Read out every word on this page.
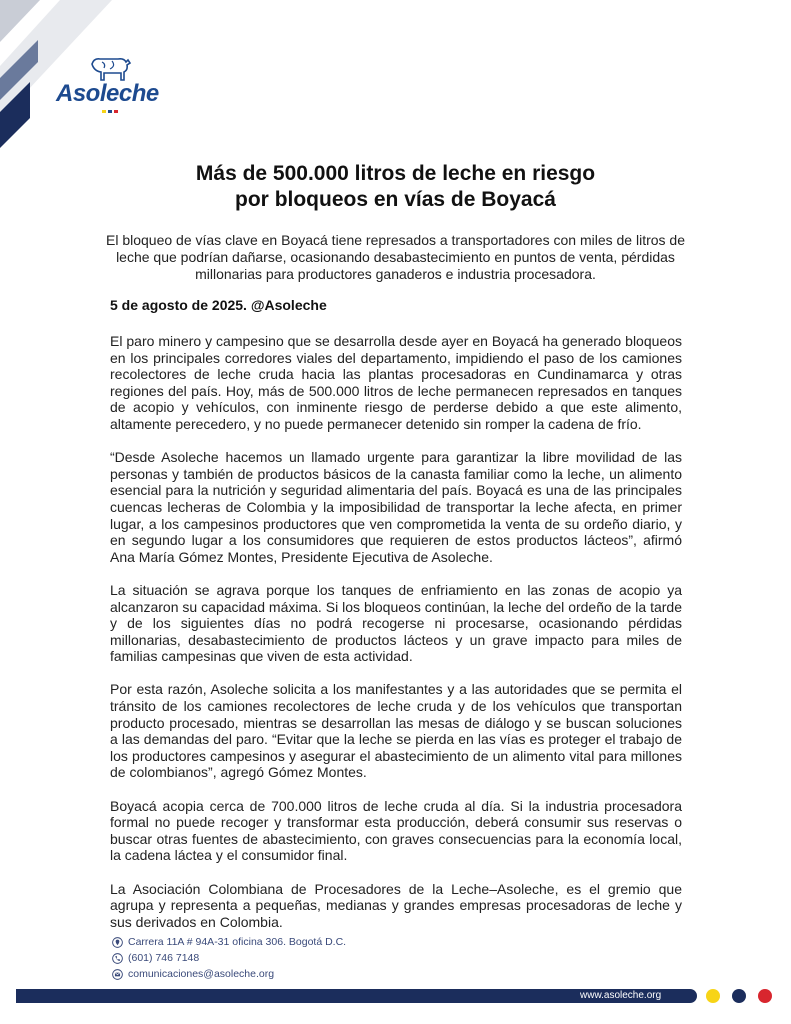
Asoleche
Más de 500.000 litros de leche en riesgo
por bloqueos en vías de Boyacá

El bloqueo de vías clave en Boyacá tiene represados a transportadores con miles de litros de leche que podrían dañarse, ocasionando desabastecimiento en puntos de venta, pérdidas millonarias para productores ganaderos e industria procesadora.

5 de agosto de 2025. @Asoleche

El paro minero y campesino que se desarrolla desde ayer en Boyacá ha generado bloqueos en los principales corredores viales del departamento, impidiendo el paso de los camiones recolectores de leche cruda hacia las plantas procesadoras en Cundinamarca y otras regiones del país. Hoy, más de 500.000 litros de leche permanecen represados en tanques de acopio y vehículos, con inminente riesgo de perderse debido a que este alimento, altamente perecedero, y no puede permanecer detenido sin romper la cadena de frío.

“Desde Asoleche hacemos un llamado urgente para garantizar la libre movilidad de las personas y también de productos básicos de la canasta familiar como la leche, un alimento esencial para la nutrición y seguridad alimentaria del país. Boyacá es una de las principales cuencas lecheras de Colombia y la imposibilidad de transportar la leche afecta, en primer lugar, a los campesinos productores que ven comprometida la venta de su ordeño diario, y en segundo lugar a los consumidores que requieren de estos productos lácteos”, afirmó Ana María Gómez Montes, Presidente Ejecutiva de Asoleche.

La situación se agrava porque los tanques de enfriamiento en las zonas de acopio ya alcanzaron su capacidad máxima. Si los bloqueos continúan, la leche del ordeño de la tarde y de los siguientes días no podrá recogerse ni procesarse, ocasionando pérdidas millonarias, desabastecimiento de productos lácteos y un grave impacto para miles de familias campesinas que viven de esta actividad.

Por esta razón, Asoleche solicita a los manifestantes y a las autoridades que se permita el tránsito de los camiones recolectores de leche cruda y de los vehículos que transportan producto procesado, mientras se desarrollan las mesas de diálogo y se buscan soluciones a las demandas del paro. “Evitar que la leche se pierda en las vías es proteger el trabajo de los productores campesinos y asegurar el abastecimiento de un alimento vital para millones de colombianos”, agregó Gómez Montes.

Boyacá acopia cerca de 700.000 litros de leche cruda al día. Si la industria procesadora formal no puede recoger y transformar esta producción, deberá consumir sus reservas o buscar otras fuentes de abastecimiento, con graves consecuencias para la economía local, la cadena láctea y el consumidor final.

La Asociación Colombiana de Procesadores de la Leche–Asoleche, es el gremio que agrupa y representa a pequeñas, medianas y grandes empresas procesadoras de leche y sus derivados en Colombia.

Carrera 11A # 94A-31 oficina 306. Bogotá D.C.
(601) 746 7148
comunicaciones@asoleche.org
www.asoleche.org
